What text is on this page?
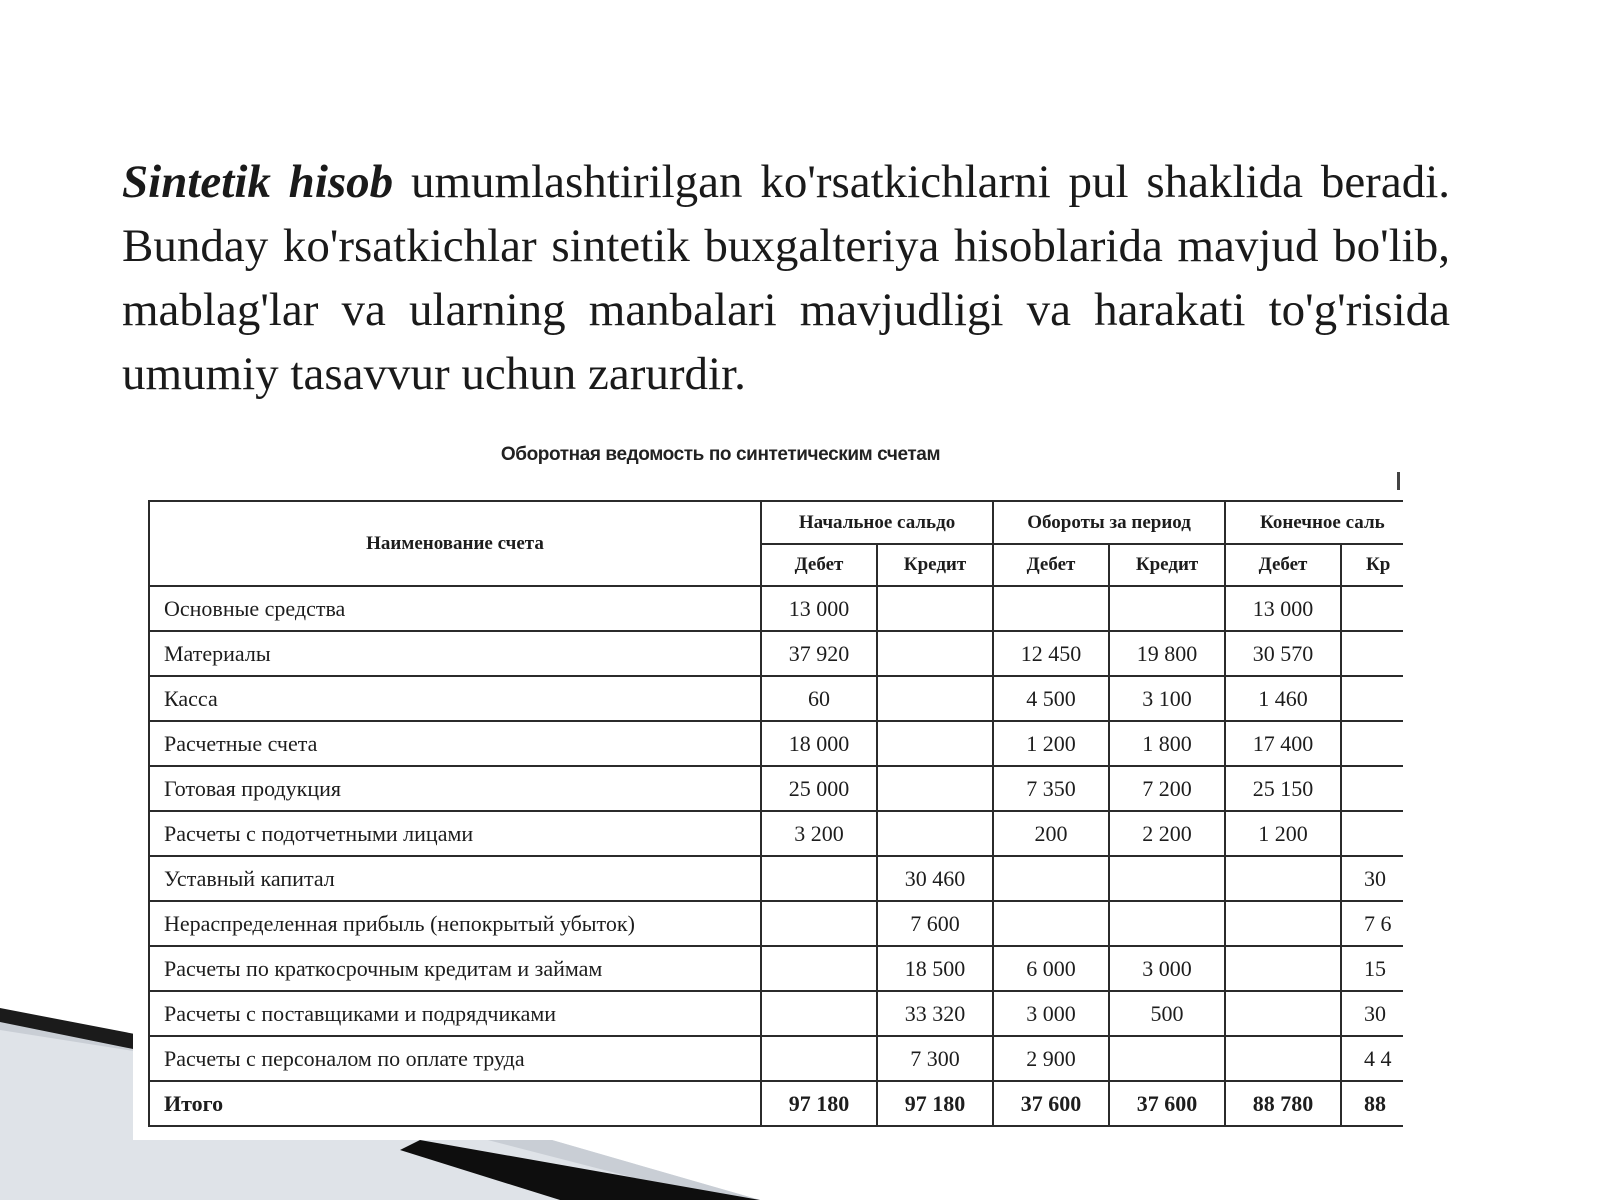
Sintetik hisob umumlashtirilgan ko'rsatkichlarni pul shaklida beradi. Bunday ko'rsatkichlar sintetik buxgalteriya hisoblarida mavjud bo'lib, mablag'lar va ularning manbalari mavjudligi va harakati to'g'risida umumiy tasavvur uchun zarurdir.

Оборотная ведомость по синтетическим счетам
Наименование счета	Начальное сальдо		Обороты за период		Конечное саль	
	Дебет	Кредит	Дебет	Кредит	Дебет	Кр
Основные средства	13 000				13 000	
Материалы	37 920		12 450	19 800	30 570	
Касса	60		4 500	3 100	1 460	
Расчетные счета	18 000		1 200	1 800	17 400	
Готовая продукция	25 000		7 350	7 200	25 150	
Расчеты с подотчетными лицами	3 200		200	2 200	1 200	
Уставный капитал		30 460				30
Нераспределенная прибыль (непокрытый убыток)		7 600				7 6
Расчеты по краткосрочным кредитам и займам		18 500	6 000	3 000		15
Расчеты с поставщиками и подрядчиками		33 320	3 000	500		30
Расчеты с персоналом по оплате труда		7 300	2 900			4 4
Итого	97 180	97 180	37 600	37 600	88 780	88
